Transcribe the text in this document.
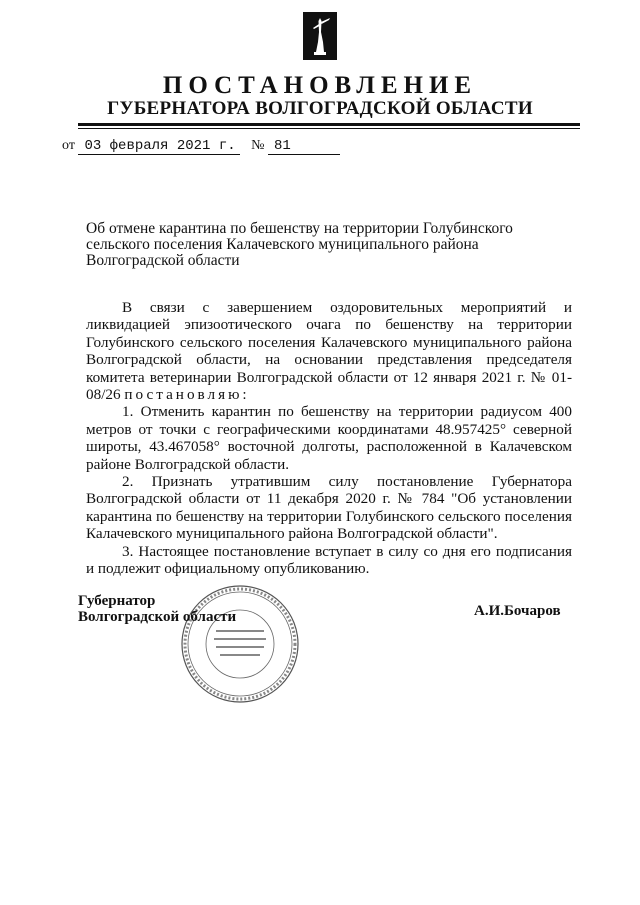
ПОСТАНОВЛЕНИЕ
ГУБЕРНАТОРА ВОЛГОГРАДСКОЙ ОБЛАСТИ
от 03 февраля 2021 г. № 81

Об отмене карантина по бешенству на территории Голубинского сельского поселения Калачевского муниципального района Волгоградской области

В связи с завершением оздоровительных мероприятий и ликвидацией эпизоотического очага по бешенству на территории Голубинского сельского поселения Калачевского муниципального района Волгоградской области, на основании представления председателя комитета ветеринарии Волгоградской области от 12 января 2021 г. № 01-08/26 постановляю:

1. Отменить карантин по бешенству на территории радиусом 400 метров от точки с географическими координатами 48.957425° северной широты, 43.467058° восточной долготы, расположенной в Калачевском районе Волгоградской области.

2. Признать утратившим силу постановление Губернатора Волгоградской области от 11 декабря 2020 г. № 784 "Об установлении карантина по бешенству на территории Голубинского сельского поселения Калачевского муниципального района Волгоградской области".

3. Настоящее постановление вступает в силу со дня его подписания и подлежит официальному опубликованию.

Губернатор
Волгоградской области	А.И.Бочаров
